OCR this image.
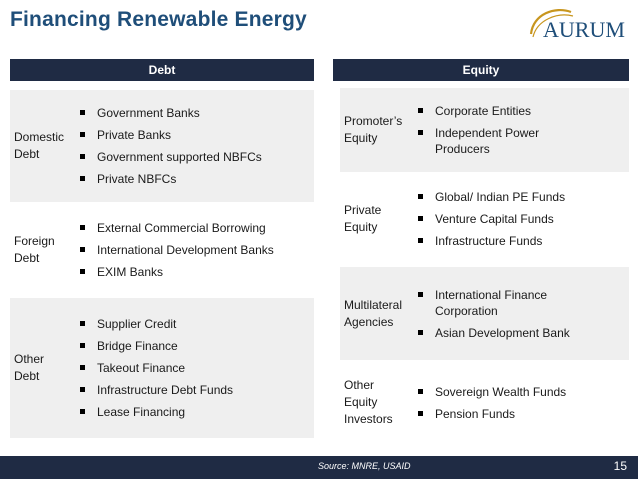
Financing Renewable Energy	AURUM
Debt
Domestic
Debt
Government Banks
Private Banks
Government supported NBFCs
Private NBFCs
Foreign
Debt
External Commercial Borrowing
International Development Banks
EXIM Banks
Other
Debt
Supplier Credit
Bridge Finance
Takeout Finance
Infrastructure Debt Funds
Lease Financing
Equity
Promoter’s
Equity
Corporate Entities
Independent Power
Producers
Private
Equity
Global/ Indian PE Funds
Venture Capital Funds
Infrastructure Funds
Multilateral
Agencies
International Finance
Corporation
Asian Development Bank
Other
Equity
Investors
Sovereign Wealth Funds
Pension Funds
Source: MNRE, USAID	15
